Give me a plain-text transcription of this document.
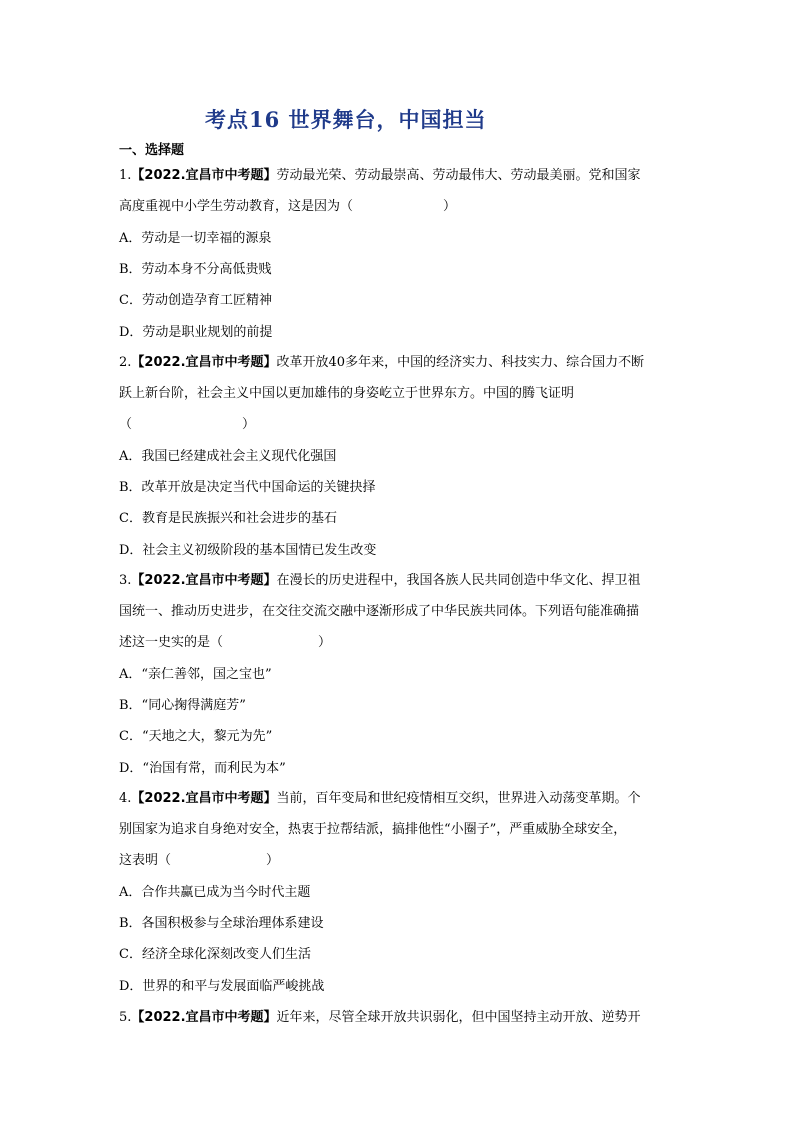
考点16 世界舞台，中国担当
一、选择题
1.【2022.宜昌市中考题】劳动最光荣、劳动最崇高、劳动最伟大、劳动最美丽。党和国家
高度重视中小学生劳动教育，这是因为（	）
A．劳动是一切幸福的源泉
B．劳动本身不分高低贵贱
C．劳动创造孕育工匠精神
D．劳动是职业规划的前提
2.【2022.宜昌市中考题】改革开放40多年来，中国的经济实力、科技实力、综合国力不断
跃上新台阶，社会主义中国以更加雄伟的身姿屹立于世界东方。中国的腾飞证明
（	）
A．我国已经建成社会主义现代化强国
B．改革开放是决定当代中国命运的关键抉择
C．教育是民族振兴和社会进步的基石
D．社会主义初级阶段的基本国情已发生改变
3.【2022.宜昌市中考题】在漫长的历史进程中，我国各族人民共同创造中华文化、捍卫祖
国统一、推动历史进步，在交往交流交融中逐渐形成了中华民族共同体。下列语句能准确描
述这一史实的是（	）
A．“亲仁善邻，国之宝也”
B．“同心掬得满庭芳”
C．“天地之大，黎元为先”
D．“治国有常，而利民为本”
4.【2022.宜昌市中考题】当前，百年变局和世纪疫情相互交织，世界进入动荡变革期。个
别国家为追求自身绝对安全，热衷于拉帮结派，搞排他性“小圈子”，严重威胁全球安全，
这表明（	）
A．合作共赢已成为当今时代主题
B．各国积极参与全球治理体系建设
C．经济全球化深刻改变人们生活
D．世界的和平与发展面临严峻挑战
5.【2022.宜昌市中考题】近年来，尽管全球开放共识弱化，但中国坚持主动开放、逆势开
